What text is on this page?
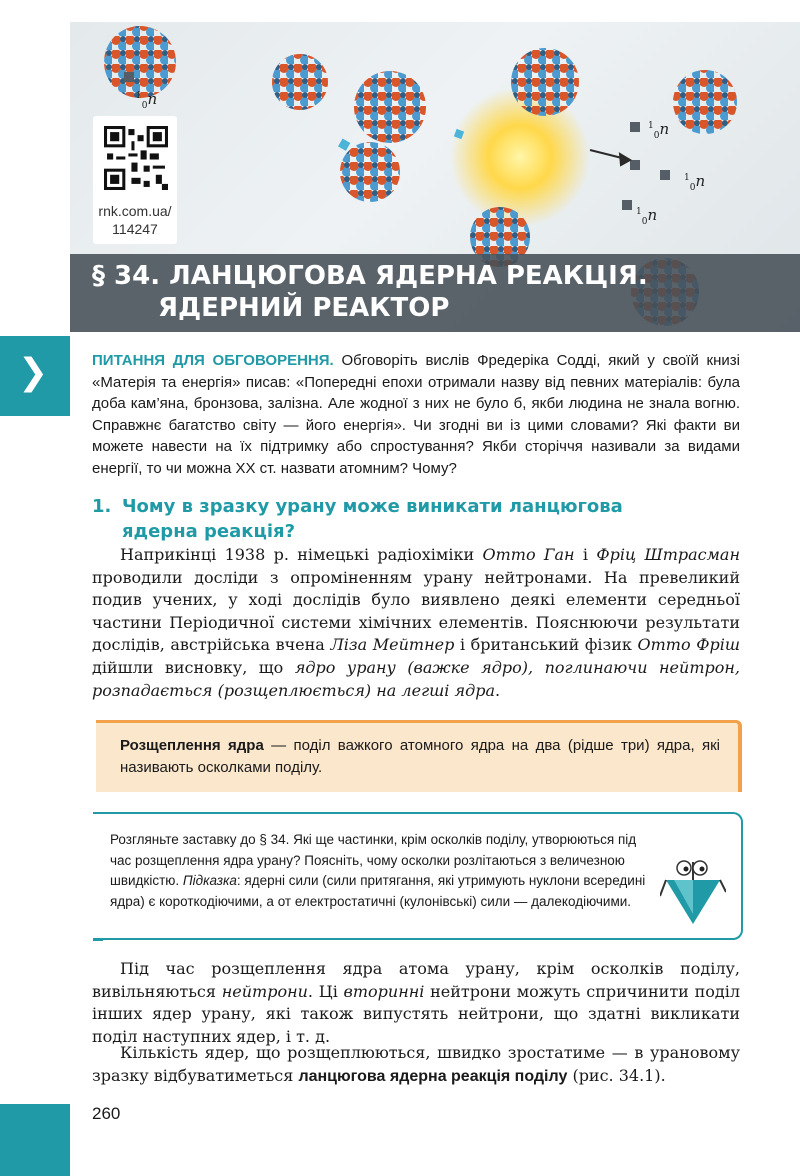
$^1_0$n
$^1_0$n
$^1_0$n
$^1_0$n
rnk.com.ua/ 114247
§ 34. ЛАНЦЮГОВА ЯДЕРНА РЕАКЦІЯ.
ЯДЕРНИЙ РЕАКТОР
❯	ПИТАННЯ ДЛЯ ОБГОВОРЕННЯ. Обговоріть вислів Фредеріка Содді, який у своїй книзі «Матерія та енергія» писав: «Попередні епохи отримали назву від певних матеріалів: була доба кам’яна, бронзова, залізна. Але жодної з них не було б, якби людина не знала вогню. Справжнє багатство світу — його енергія». Чи згодні ви із цими словами? Які факти ви можете навести на їх підтримку або спростування? Якби сторіччя називали за видами енергії, то чи можна XX ст. назвати атомним? Чому?
1. Чому в зразку урану може виникати ланцюгова
ядерна реакція?
Наприкінці 1938 р. німецькі радіохіміки Отто Ган і Фріц Штрасман проводили досліди з опроміненням урану нейтронами. На превеликий подив учених, у ході дослідів було виявлено деякі елементи середньої частини Періодичної системи хімічних елементів. Пояснюючи результати дослідів, австрійська вчена Ліза Мейтнер і британський фізик Отто Фріш дійшли висновку, що ядро урану (важке ядро), поглинаючи нейтрон, розпадається (розщеплюється) на легші ядра.
Розщеплення ядра — поділ важкого атомного ядра на два (рідше три) ядра, які називають осколками поділу.
Розгляньте заставку до § 34. Які ще частинки, крім осколків поділу, утворюються під час розщеплення ядра урану? Поясніть, чому осколки розлітаються з величезною швидкістю. Підказка: ядерні сили (сили притягання, які утримують нуклони всередині ядра) є короткодіючими, а от електростатичні (кулонівські) сили — далекодіючими.
Під час розщеплення ядра атома урану, крім осколків поділу, вивільняються нейтрони. Ці вторинні нейтрони можуть спричинити поділ інших ядер урану, які також випустять нейтрони, що здатні викликати поділ наступних ядер, і т. д.
Кількість ядер, що розщеплюються, швидко зростатиме — в урановому зразку відбуватиметься ланцюгова ядерна реакція поділу (рис. 34.1).
260
